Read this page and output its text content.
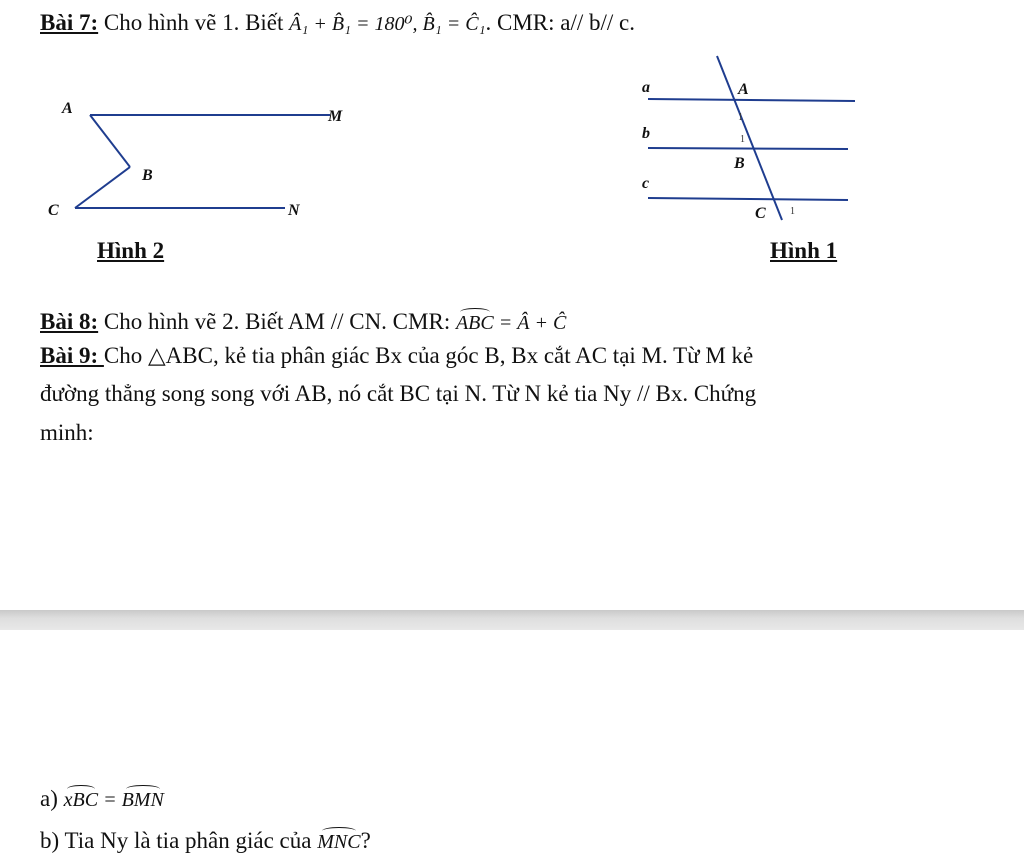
Bài 7: Cho hình vẽ 1. Biết Â₁ + B̂₁ = 180⁰, B̂₁ = Ĉ₁. CMR: a// b// c.
A	M
B
C	N
Hình 2
a
b
c
A
B
C
1
1
1
Hình 1
Bài 8: Cho hình vẽ 2. Biết AM // CN. CMR: ABC = Â + Ĉ
Bài 9: Cho △ABC, kẻ tia phân giác Bx của góc B, Bx cắt AC tại M. Từ M kẻ
đường thẳng song song với AB, nó cắt BC tại N. Từ N kẻ tia Ny // Bx. Chứng
minh:
a) xBC = BMN
b) Tia Ny là tia phân giác của MNC?
